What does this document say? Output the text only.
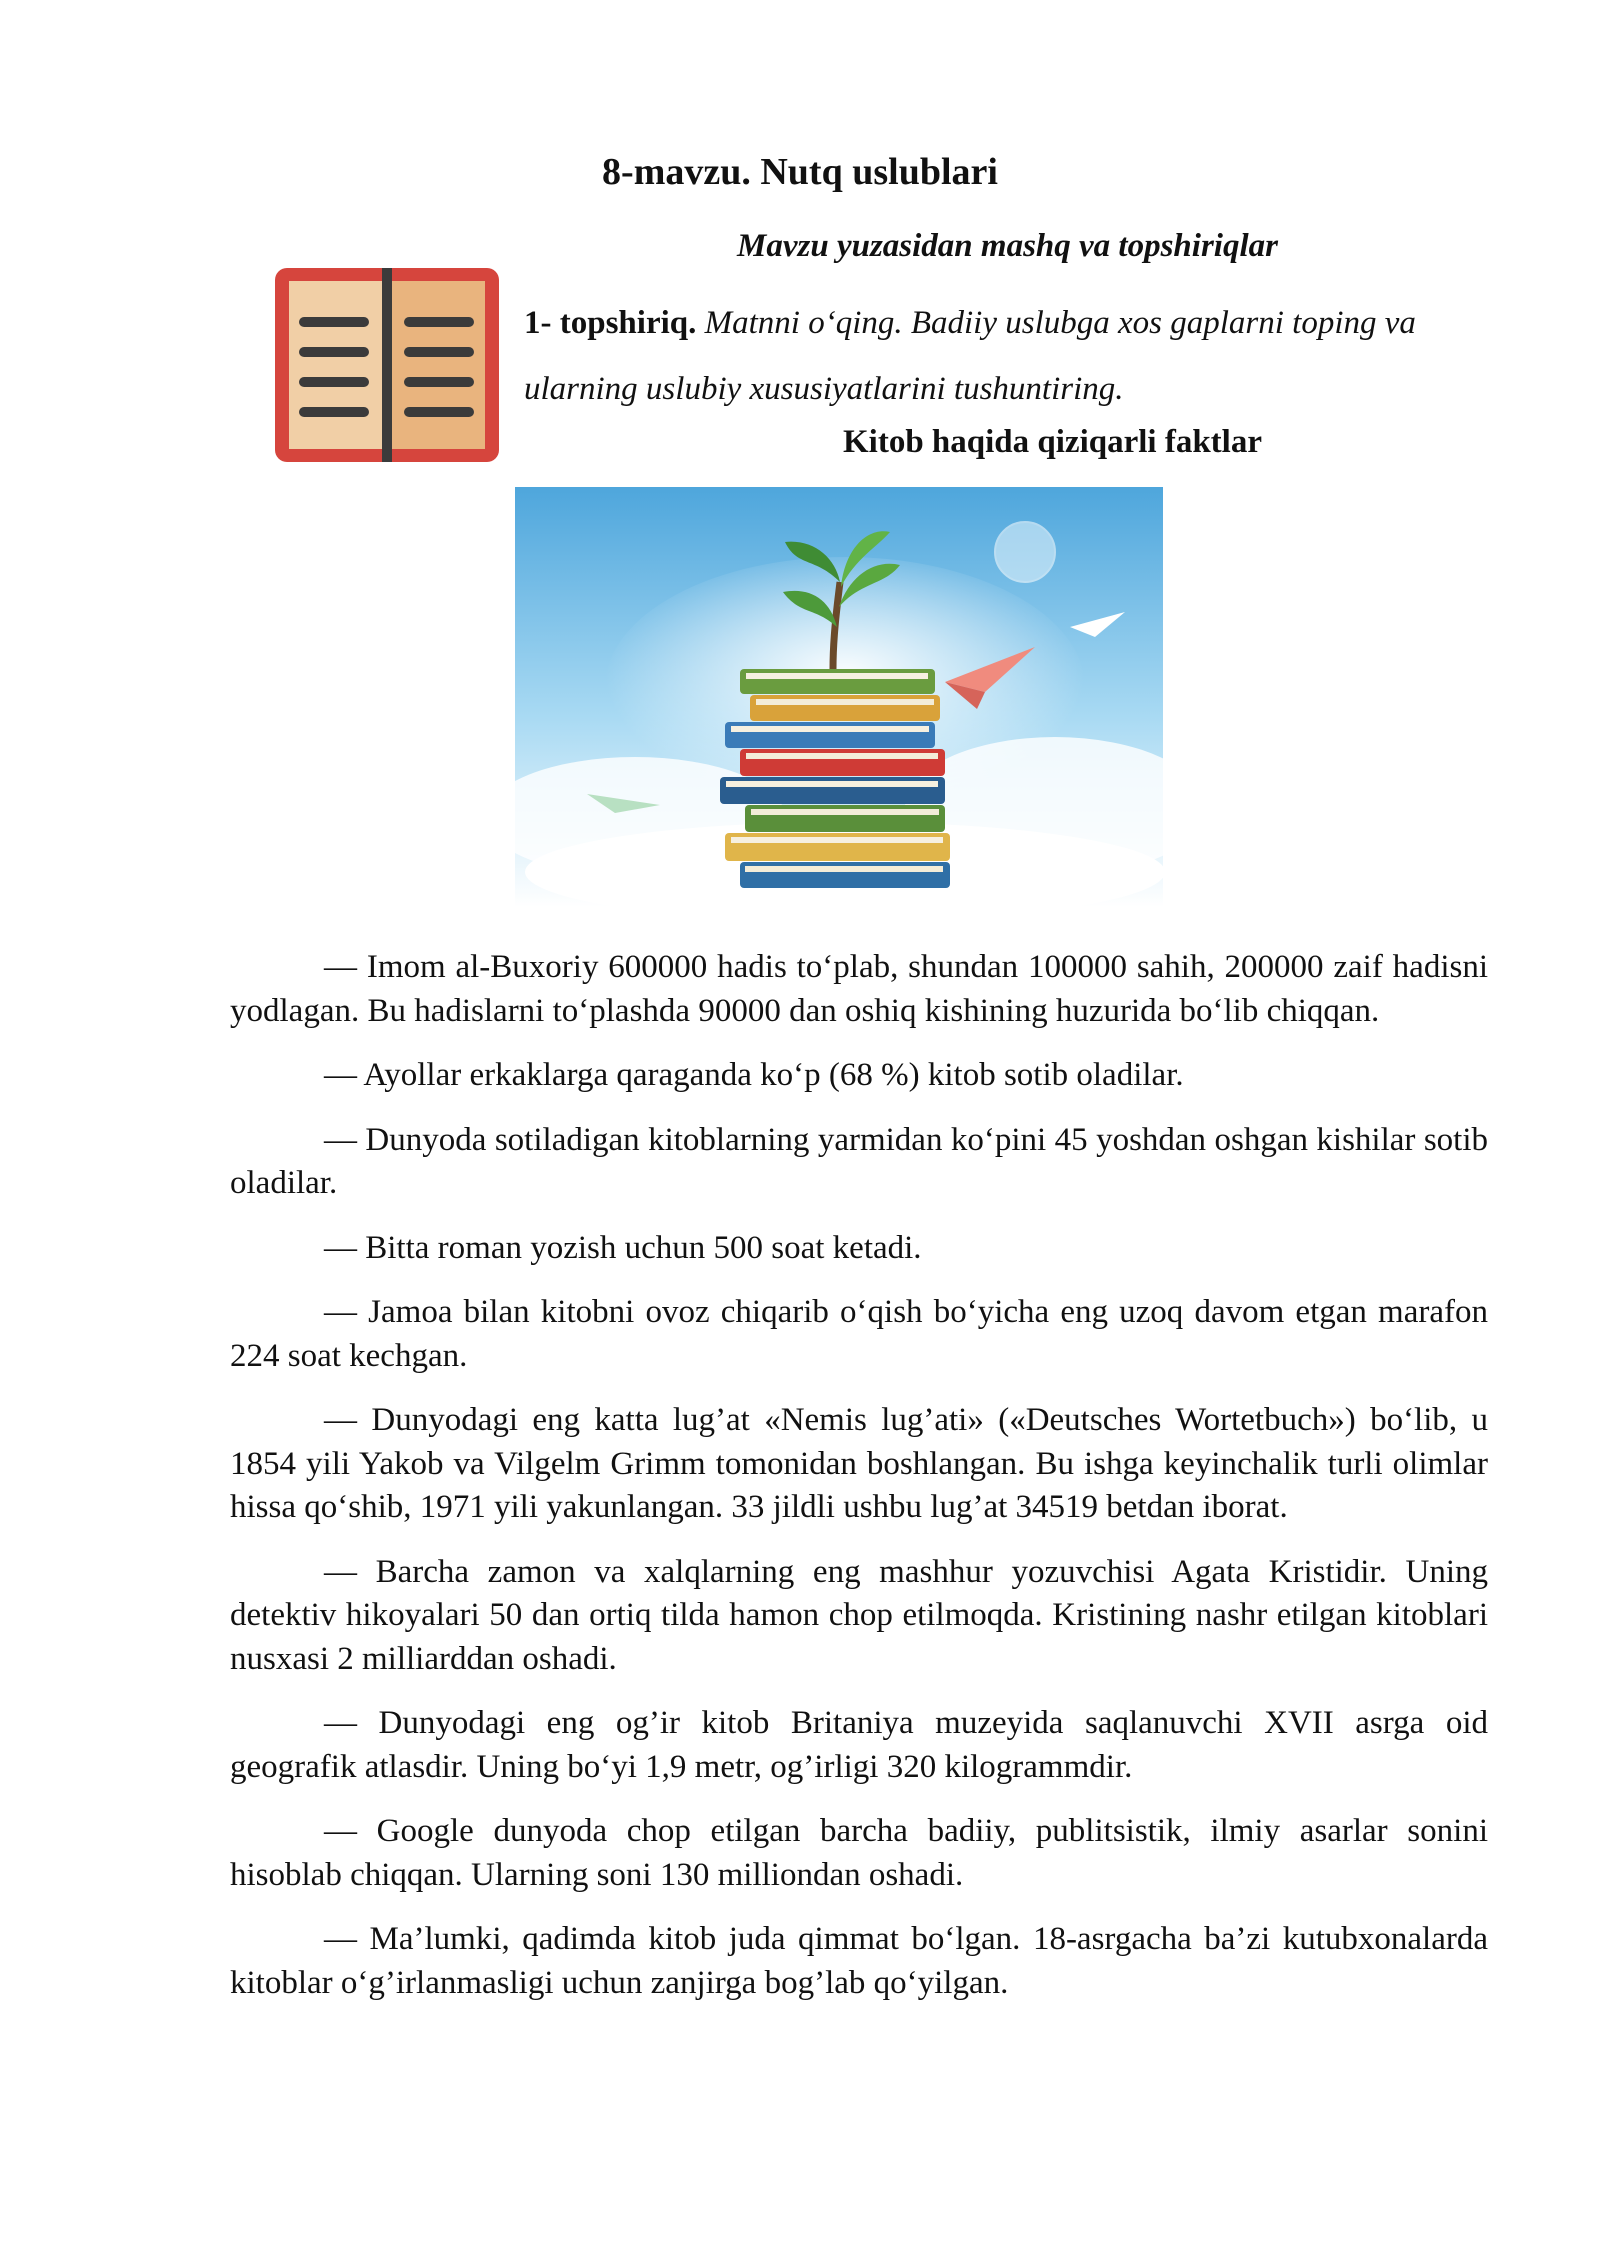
8-mavzu. Nutq uslublari

Mavzu yuzasidan mashq va topshiriqlar

1- topshiriq. Matnni o‘qing. Badiiy uslubga xos gaplarni toping va ularning uslubiy xususiyatlarini tushuntiring.

Kitob haqida qiziqarli faktlar

— Imom al-Buxoriy 600000 hadis to‘plab, shundan 100000 sahih, 200000 zaif hadisni yodlagan. Bu hadislarni to‘plashda 90000 dan oshiq kishining huzurida bo‘lib chiqqan.

— Ayollar erkaklarga qaraganda ko‘p (68 %) kitob sotib oladilar.

— Dunyoda sotiladigan kitoblarning yarmidan ko‘pini 45 yoshdan oshgan kishilar sotib oladilar.

— Bitta roman yozish uchun 500 soat ketadi.

— Jamoa bilan kitobni ovoz chiqarib o‘qish bo‘yicha eng uzoq davom etgan marafon 224 soat kechgan.

— Dunyodagi eng katta lug’at «Nemis lug’ati» («Deutsches Wortetbuch») bo‘lib, u 1854 yili Yakob va Vilgelm Grimm tomonidan boshlangan. Bu ishga keyinchalik turli olimlar hissa qo‘shib, 1971 yili yakunlangan. 33 jildli ushbu lug’at 34519 betdan iborat.

— Barcha zamon va xalqlarning eng mashhur yozuvchisi Agata Kristidir. Uning detektiv hikoyalari 50 dan ortiq tilda hamon chop etilmoqda. Kristining nashr etilgan kitoblari nusxasi 2 milliarddan oshadi.

— Dunyodagi eng og’ir kitob Britaniya muzeyida saqlanuvchi XVII asrga oid geografik atlasdir. Uning bo‘yi 1,9 metr, og’irligi 320 kilogrammdir.

— Google dunyoda chop etilgan barcha badiiy, publitsistik, ilmiy asarlar sonini hisoblab chiqqan. Ularning soni 130 milliondan oshadi.

— Ma’lumki, qadimda kitob juda qimmat bo‘lgan. 18-asrgacha ba’zi kutubxonalarda kitoblar o‘g’irlanmasligi uchun zanjirga bog’lab qo‘yilgan.
